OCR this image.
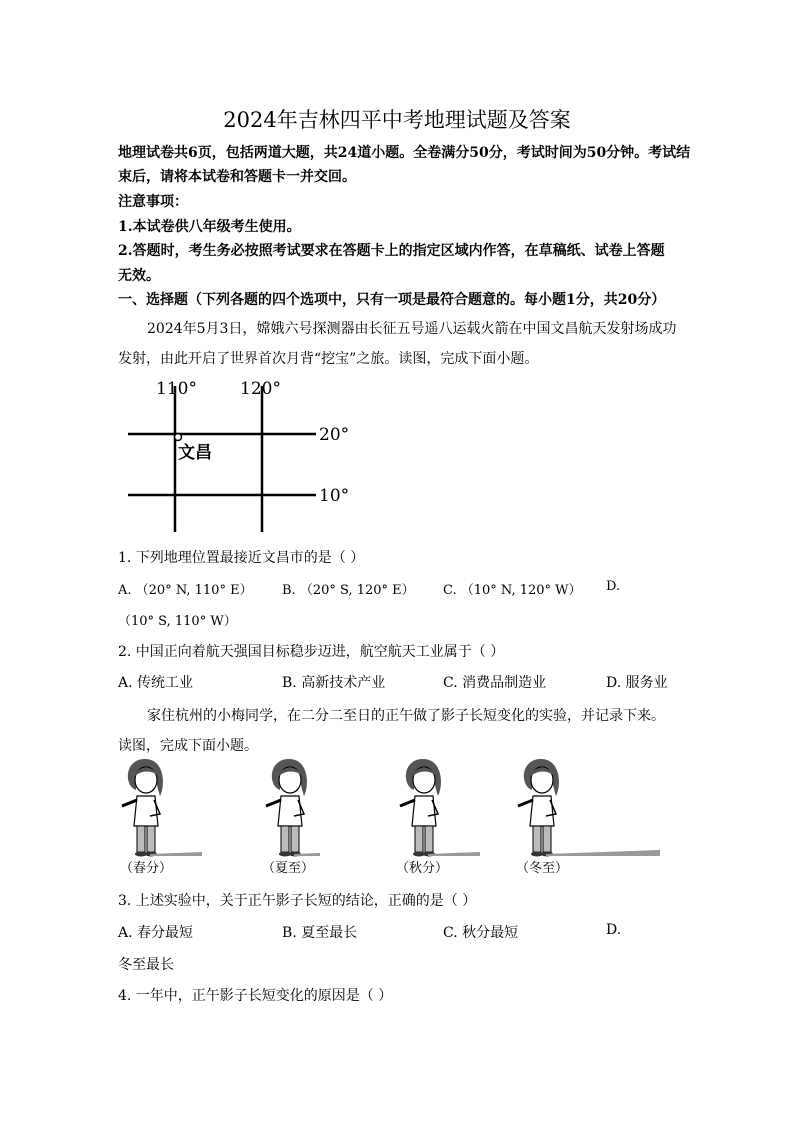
2024年吉林四平中考地理试题及答案
地理试卷共6页，包括两道大题，共24道小题。全卷满分50分，考试时间为50分钟。考试结
束后，请将本试卷和答题卡一并交回。
注意事项：
1.本试卷供八年级考生使用。
2.答题时，考生务必按照考试要求在答题卡上的指定区域内作答，在草稿纸、试卷上答题
无效。
一、选择题（下列各题的四个选项中，只有一项是最符合题意的。每小题1分，共20分）
2024年5月3日，嫦娥六号探测器由长征五号遥八运载火箭在中国文昌航天发射场成功
发射，由此开启了世界首次月背“挖宝”之旅。读图，完成下面小题。
110°	120°
20°
10°
文昌
1. 下列地理位置最接近文昌市的是（ ）
A. （20° N, 110° E） B. （20° S, 120° E） C. （10° N, 120° W） D.
（10° S, 110° W）
2. 中国正向着航天强国目标稳步迈进，航空航天工业属于（ ）
A. 传统工业	B. 高新技术产业	C. 消费品制造业	D. 服务业
家住杭州的小梅同学，在二分二至日的正午做了影子长短变化的实验，并记录下来。
读图，完成下面小题。
（春分）	（夏至）	（秋分）	（冬至）
3. 上述实验中，关于正午影子长短的结论，正确的是（ ）
A. 春分最短	B. 夏至最长	C. 秋分最短	D.
冬至最长
4. 一年中，正午影子长短变化的原因是（ ）
